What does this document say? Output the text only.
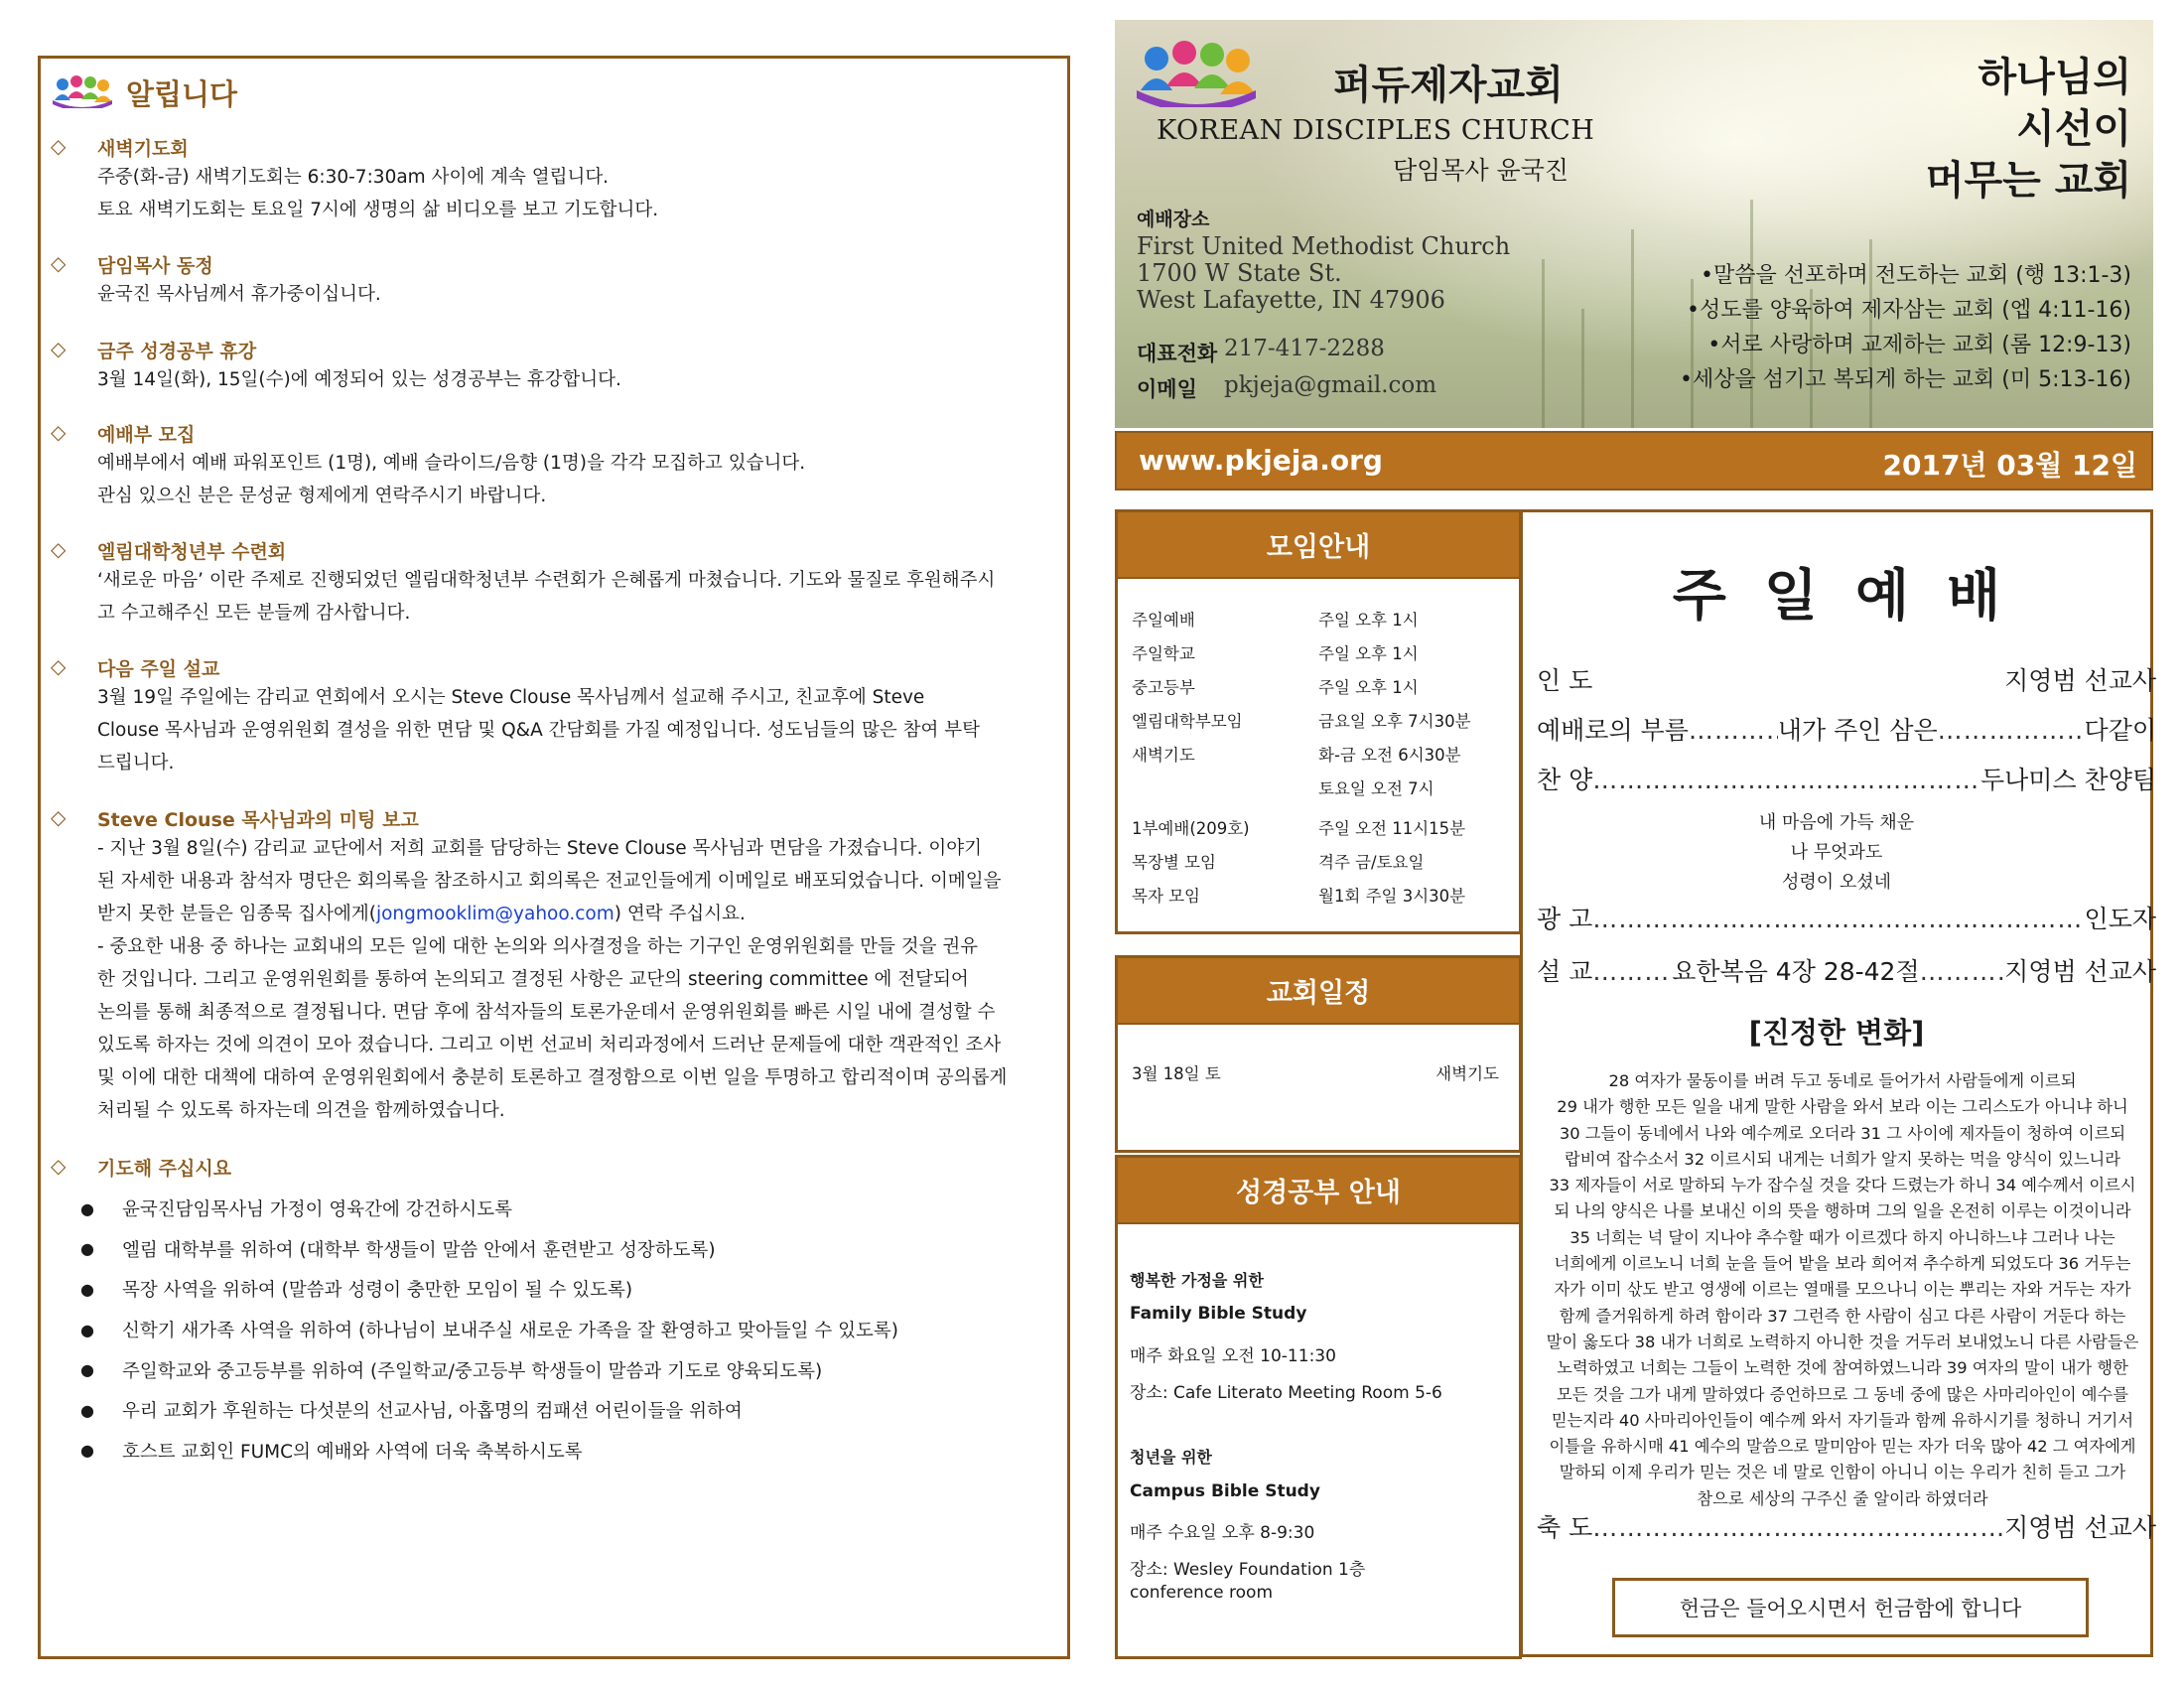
알립니다
◇	새벽기도회

주중(화-금) 새벽기도회는 6:30-7:30am 사이에 계속 열립니다.

토요 새벽기도회는 토요일 7시에 생명의 삶 비디오를 보고 기도합니다.

◇	담임목사 동정

윤국진 목사님께서 휴가중이십니다.

◇	금주 성경공부 휴강

3월 14일(화), 15일(수)에 예정되어 있는 성경공부는 휴강합니다.

◇	예배부 모집

예배부에서 예배 파워포인트 (1명), 예배 슬라이드/음향 (1명)을 각각 모집하고 있습니다.

관심 있으신 분은 문성균 형제에게 연락주시기 바랍니다.

◇	엘림대학청년부 수련회

‘새로운 마음’ 이란 주제로 진행되었던 엘림대학청년부 수련회가 은혜롭게 마쳤습니다. 기도와 물질로 후원해주시

고 수고해주신 모든 분들께 감사합니다.

◇	다음 주일 설교

3월 19일 주일에는 감리교 연회에서 오시는 Steve Clouse 목사님께서 설교해 주시고, 친교후에 Steve

Clouse 목사님과 운영위원회 결성을 위한 면담 및 Q&A 간담회를 가질 예정입니다. 성도님들의 많은 참여 부탁

드립니다.

◇	Steve Clouse 목사님과의 미팅 보고

- 지난 3월 8일(수) 감리교 교단에서 저희 교회를 담당하는 Steve Clouse 목사님과 면담을 가졌습니다. 이야기

된 자세한 내용과 참석자 명단은 회의록을 참조하시고 회의록은 전교인들에게 이메일로 배포되었습니다. 이메일을

받지 못한 분들은 임종묵 집사에게(jongmooklim@yahoo.com) 연락 주십시요.

- 중요한 내용 중 하나는 교회내의 모든 일에 대한 논의와 의사결정을 하는 기구인 운영위원회를 만들 것을 권유

한 것입니다. 그리고 운영위원회를 통하여 논의되고 결정된 사항은 교단의 steering committee 에 전달되어

논의를 통해 최종적으로 결정됩니다. 면담 후에 참석자들의 토론가운데서 운영위원회를 빠른 시일 내에 결성할 수

있도록 하자는 것에 의견이 모아 졌습니다. 그리고 이번 선교비 처리과정에서 드러난 문제들에 대한 객관적인 조사

및 이에 대한 대책에 대하여 운영위원회에서 충분히 토론하고 결정함으로 이번 일을 투명하고 합리적이며 공의롭게

처리될 수 있도록 하자는데 의견을 함께하였습니다.

◇	기도해 주십시요
●	윤국진담임목사님 가정이 영육간에 강건하시도록
●	엘림 대학부를 위하여 (대학부 학생들이 말씀 안에서 훈련받고 성장하도록)
●	목장 사역을 위하여 (말씀과 성령이 충만한 모임이 될 수 있도록)
●	신학기 새가족 사역을 위하여 (하나님이 보내주실 새로운 가족을 잘 환영하고 맞아들일 수 있도록)
●	주일학교와 중고등부를 위하여 (주일학교/중고등부 학생들이 말씀과 기도로 양육되도록)
●	우리 교회가 후원하는 다섯분의 선교사님, 아홉명의 컴패션 어린이들을 위하여
●	호스트 교회인 FUMC의 예배와 사역에 더욱 축복하시도록
퍼듀제자교회
KOREAN DISCIPLES CHURCH
담임목사 윤국진
예배장소
First United Methodist Church
1700 W State St.
West Lafayette, IN 47906
대표전화 217-417-2288
이메일 pkjeja@gmail.com
하나님의
시선이
머무는 교회
•말씀을 선포하며 전도하는 교회 (행 13:1-3)
•성도를 양육하여 제자삼는 교회 (엡 4:11-16)
•서로 사랑하며 교제하는 교회 (롬 12:9-13)
•세상을 섬기고 복되게 하는 교회 (미 5:13-16)
www.pkjeja.org	2017년 03월 12일
모임안내
주일예배	주일 오후 1시
주일학교	주일 오후 1시
중고등부	주일 오후 1시
엘림대학부모임	금요일 오후 7시30분
새벽기도	화-금 오전 6시30분
토요일 오전 7시
1부예배(209호)	주일 오전 11시15분
목장별 모임	격주 금/토요일
목자 모임	월1회 주일 3시30분
교회일정
3월 18일 토	새벽기도
성경공부 안내
행복한 가정을 위한
Family Bible Study
매주 화요일 오전 10-11:30
장소: Cafe Literato Meeting Room 5-6
청년을 위한
Campus Bible Study
매주 수요일 오후 8-9:30
장소: Wesley Foundation 1층
conference room
주일예배
인 도	지영범 선교사
예배로의 부름 …………………………………………………………………………………………………………………	내가 주인 삼은 …………………………………………………………………………………………………………………	다같이
찬 양 …………………………………………………………………………………………………………………	두나미스 찬양팀
내 마음에 가득 채운
나 무엇과도
성령이 오셨네
광 고 …………………………………………………………………………………………………………………	인도자
설 교 …………………………………………………………………………………………………………………	요한복음 4장 28-42절 …………………………………………………………………………………………………………………	지영범 선교사
[진정한 변화]
28 여자가 물동이를 버려 두고 동네로 들어가서 사람들에게 이르되
29 내가 행한 모든 일을 내게 말한 사람을 와서 보라 이는 그리스도가 아니냐 하니
30 그들이 동네에서 나와 예수께로 오더라 31 그 사이에 제자들이 청하여 이르되
랍비여 잡수소서 32 이르시되 내게는 너희가 알지 못하는 먹을 양식이 있느니라
33 제자들이 서로 말하되 누가 잡수실 것을 갖다 드렸는가 하니 34 예수께서 이르시
되 나의 양식은 나를 보내신 이의 뜻을 행하며 그의 일을 온전히 이루는 이것이니라
35 너희는 넉 달이 지나야 추수할 때가 이르겠다 하지 아니하느냐 그러나 나는
너희에게 이르노니 너희 눈을 들어 밭을 보라 희어져 추수하게 되었도다 36 거두는
자가 이미 삯도 받고 영생에 이르는 열매를 모으나니 이는 뿌리는 자와 거두는 자가
함께 즐거워하게 하려 함이라 37 그런즉 한 사람이 심고 다른 사람이 거둔다 하는
말이 옳도다 38 내가 너희로 노력하지 아니한 것을 거두러 보내었노니 다른 사람들은
노력하였고 너희는 그들이 노력한 것에 참여하였느니라 39 여자의 말이 내가 행한
모든 것을 그가 내게 말하였다 증언하므로 그 동네 중에 많은 사마리아인이 예수를
믿는지라 40 사마리아인들이 예수께 와서 자기들과 함께 유하시기를 청하니 거기서
이틀을 유하시매 41 예수의 말씀으로 말미암아 믿는 자가 더욱 많아 42 그 여자에게
말하되 이제 우리가 믿는 것은 네 말로 인함이 아니니 이는 우리가 친히 듣고 그가
참으로 세상의 구주신 줄 알이라 하였더라
축 도 …………………………………………………………………………………………………………………	지영범 선교사
헌금은 들어오시면서 헌금함에 합니다
